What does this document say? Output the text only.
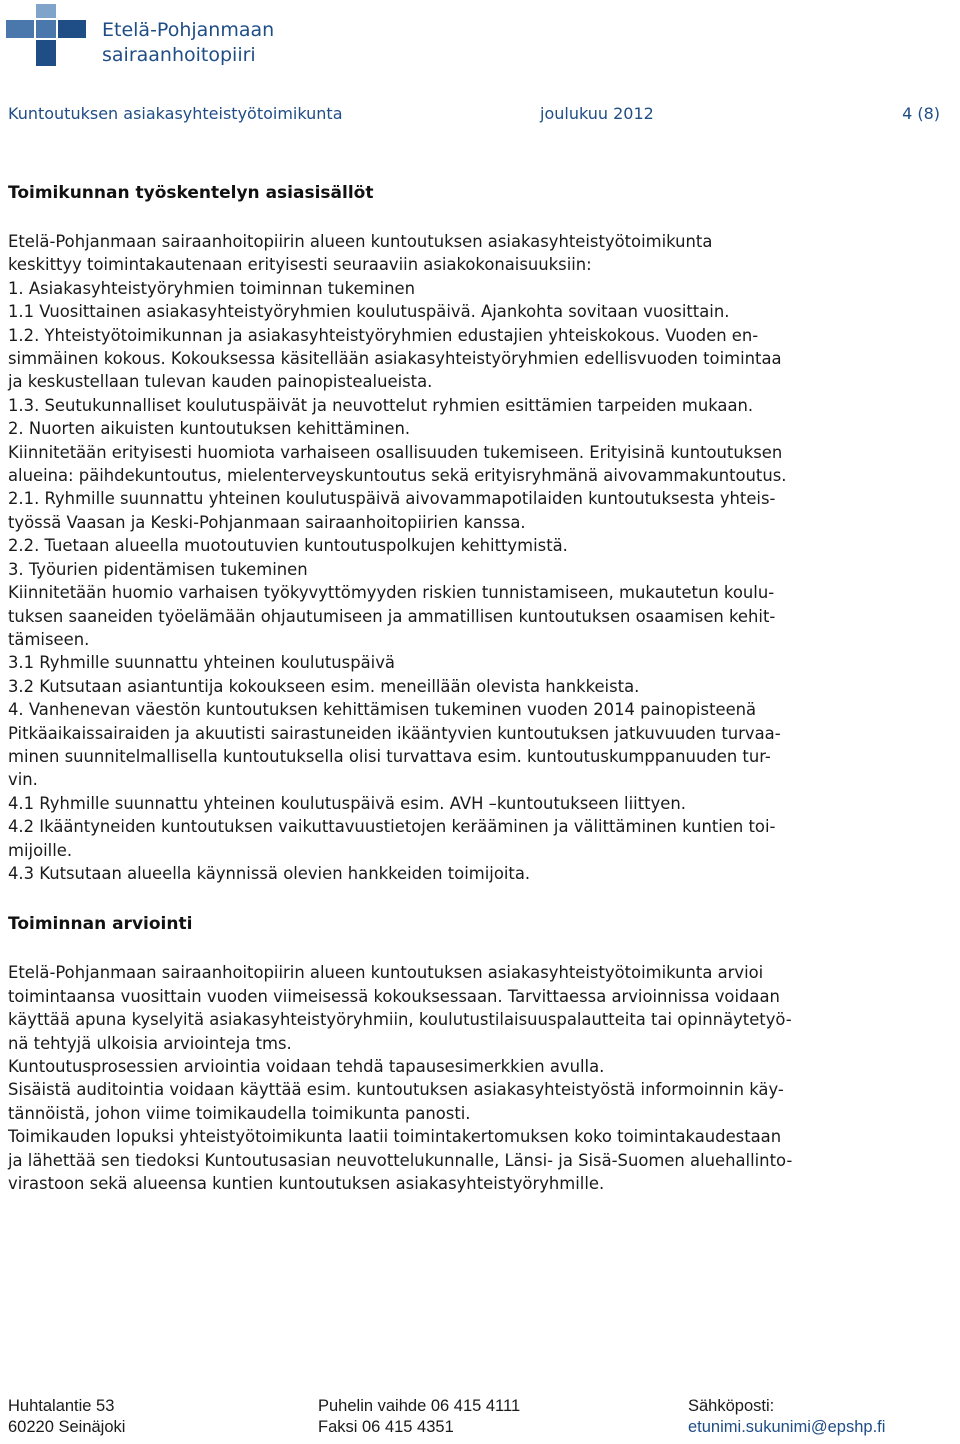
Etelä-Pohjanmaan
sairaanhoitopiiri
Kuntoutuksen asiakasyhteistyötoimikunta	joulukuu 2012	4 (8)
Toimikunnan työskentelyn asiasisällöt

Etelä-Pohjanmaan sairaanhoitopiirin alueen kuntoutuksen asiakasyhteistyötoimikunta

keskittyy toimintakautenaan erityisesti seuraaviin asiakokonaisuuksiin:

1. Asiakasyhteistyöryhmien toiminnan tukeminen

1.1 Vuosittainen asiakasyhteistyöryhmien koulutuspäivä. Ajankohta sovitaan vuosittain.

1.2. Yhteistyötoimikunnan ja asiakasyhteistyöryhmien edustajien yhteiskokous. Vuoden en-

simmäinen kokous. Kokouksessa käsitellään asiakasyhteistyöryhmien edellisvuoden toimintaa

ja keskustellaan tulevan kauden painopistealueista.

1.3. Seutukunnalliset koulutuspäivät ja neuvottelut ryhmien esittämien tarpeiden mukaan.

2. Nuorten aikuisten kuntoutuksen kehittäminen.

Kiinnitetään erityisesti huomiota varhaiseen osallisuuden tukemiseen. Erityisinä kuntoutuksen

alueina: päihdekuntoutus, mielenterveyskuntoutus sekä erityisryhmänä aivovammakuntoutus.

2.1. Ryhmille suunnattu yhteinen koulutuspäivä aivovammapotilaiden kuntoutuksesta yhteis-

työssä Vaasan ja Keski-Pohjanmaan sairaanhoitopiirien kanssa.

2.2. Tuetaan alueella muotoutuvien kuntoutuspolkujen kehittymistä.

3. Työurien pidentämisen tukeminen

Kiinnitetään huomio varhaisen työkyvyttömyyden riskien tunnistamiseen, mukautetun koulu-

tuksen saaneiden työelämään ohjautumiseen ja ammatillisen kuntoutuksen osaamisen kehit-

tämiseen.

3.1 Ryhmille suunnattu yhteinen koulutuspäivä

3.2 Kutsutaan asiantuntija kokoukseen esim. meneillään olevista hankkeista.

4. Vanhenevan väestön kuntoutuksen kehittämisen tukeminen vuoden 2014 painopisteenä

Pitkäaikaissairaiden ja akuutisti sairastuneiden ikääntyvien kuntoutuksen jatkuvuuden turvaa-

minen suunnitelmallisella kuntoutuksella olisi turvattava esim. kuntoutuskumppanuuden tur-

vin.

4.1 Ryhmille suunnattu yhteinen koulutuspäivä esim. AVH –kuntoutukseen liittyen.

4.2 Ikääntyneiden kuntoutuksen vaikuttavuustietojen kerääminen ja välittäminen kuntien toi-

mijoille.

4.3 Kutsutaan alueella käynnissä olevien hankkeiden toimijoita.

Toiminnan arviointi

Etelä-Pohjanmaan sairaanhoitopiirin alueen kuntoutuksen asiakasyhteistyötoimikunta arvioi

toimintaansa vuosittain vuoden viimeisessä kokouksessaan. Tarvittaessa arvioinnissa voidaan

käyttää apuna kyselyitä asiakasyhteistyöryhmiin, koulutustilaisuuspalautteita tai opinnäytetyö-

nä tehtyjä ulkoisia arviointeja tms.

Kuntoutusprosessien arviointia voidaan tehdä tapausesimerkkien avulla.

Sisäistä auditointia voidaan käyttää esim. kuntoutuksen asiakasyhteistyöstä informoinnin käy-

tännöistä, johon viime toimikaudella toimikunta panosti.

Toimikauden lopuksi yhteistyötoimikunta laatii toimintakertomuksen koko toimintakaudestaan

ja lähettää sen tiedoksi Kuntoutusasian neuvottelukunnalle, Länsi- ja Sisä-Suomen aluehallinto-

virastoon sekä alueensa kuntien kuntoutuksen asiakasyhteistyöryhmille.

Huhtalantie 53
60220 Seinäjoki
Puhelin vaihde 06 415 4111
Faksi 06 415 4351
Sähköposti:
etunimi.sukunimi@epshp.fi
